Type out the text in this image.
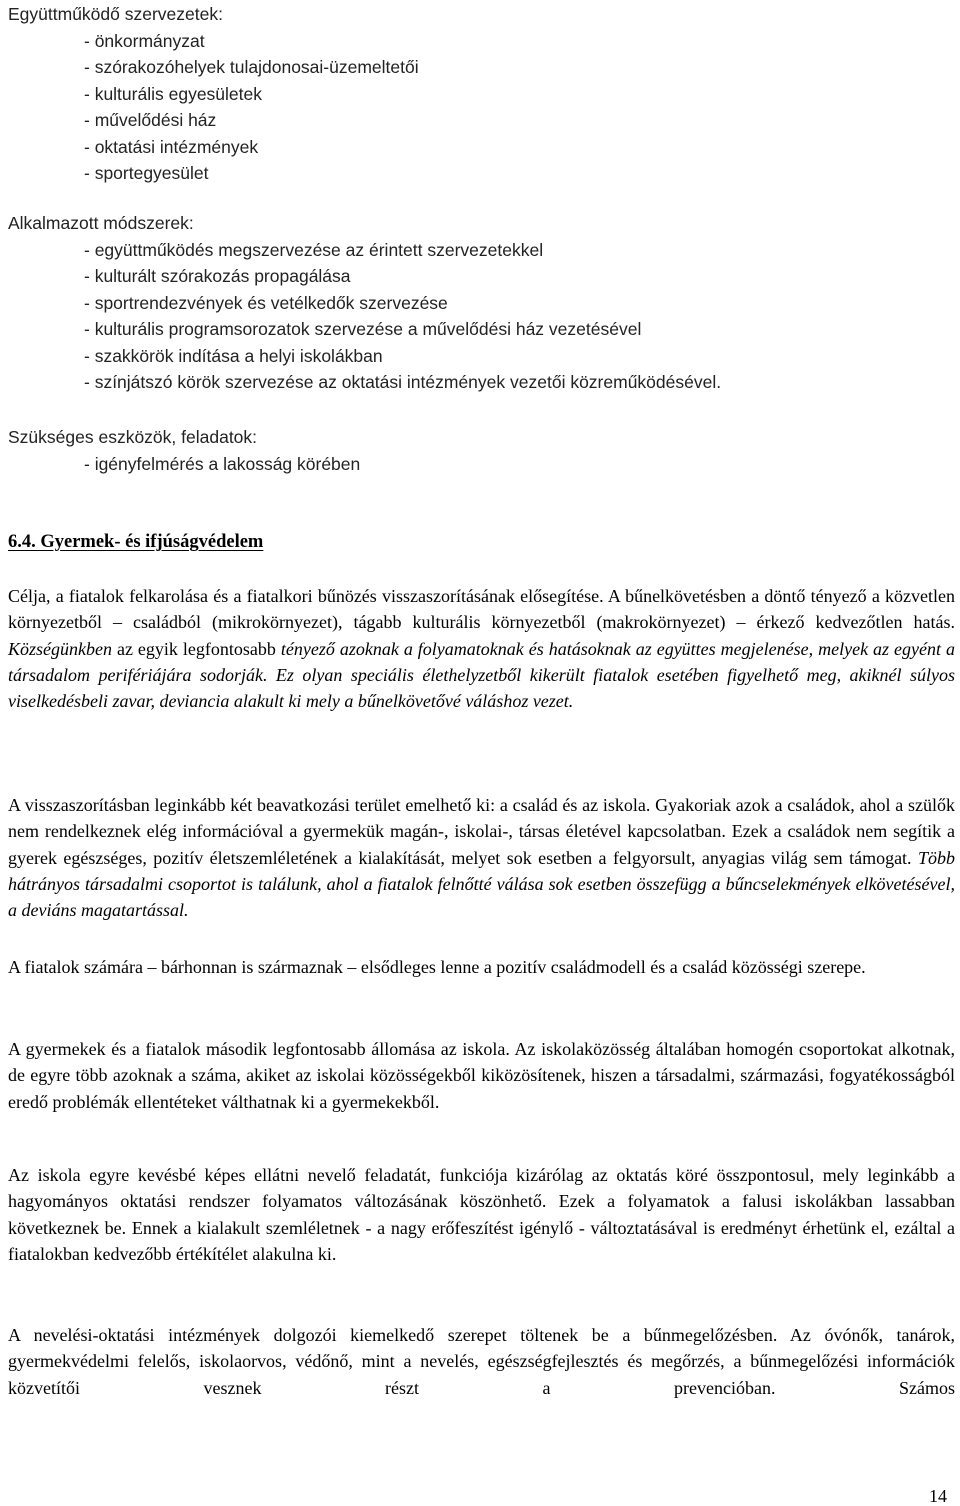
Együttműködő szervezetek:
- önkormányzat
- szórakozóhelyek tulajdonosai-üzemeltetői
- kulturális egyesületek
- művelődési ház
- oktatási intézmények
- sportegyesület
Alkalmazott módszerek:
- együttműködés megszervezése az érintett szervezetekkel
- kulturált szórakozás propagálása
- sportrendezvények és vetélkedők szervezése
- kulturális programsorozatok szervezése a művelődési ház vezetésével
- szakkörök indítása a helyi iskolákban
- színjátszó körök szervezése az oktatási intézmények vezetői közreműködésével.
Szükséges eszközök, feladatok:
- igényfelmérés a lakosság körében
6.4. Gyermek- és ifjúságvédelem

Célja, a fiatalok felkarolása és a fiatalkori bűnözés visszaszorításának elősegítése. A bűnelkövetésben a döntő tényező a közvetlen környezetből – családból (mikrokörnyezet), tágabb kulturális környezetből (makrokörnyezet) – érkező kedvezőtlen hatás. Községünkben az egyik legfontosabb tényező azoknak a folyamatoknak és hatásoknak az együttes megjelenése, melyek az egyént a társadalom perifériájára sodorják. Ez olyan speciális élethelyzetből kikerült fiatalok esetében figyelhető meg, akiknél súlyos viselkedésbeli zavar, deviancia alakult ki mely a bűnelkövetővé váláshoz vezet.

A visszaszorításban leginkább két beavatkozási terület emelhető ki: a család és az iskola. Gyakoriak azok a családok, ahol a szülők nem rendelkeznek elég információval a gyermekük magán-, iskolai-, társas életével kapcsolatban. Ezek a családok nem segítik a gyerek egészséges, pozitív életszemléletének a kialakítását, melyet sok esetben a felgyorsult, anyagias világ sem támogat. Több hátrányos társadalmi csoportot is találunk, ahol a fiatalok felnőtté válása sok esetben összefügg a bűncselekmények elkövetésével, a deviáns magatartással.

A fiatalok számára – bárhonnan is származnak – elsődleges lenne a pozitív családmodell és a család közösségi szerepe.

A gyermekek és a fiatalok második legfontosabb állomása az iskola. Az iskolaközösség általában homogén csoportokat alkotnak, de egyre több azoknak a száma, akiket az iskolai közösségekből kiközösítenek, hiszen a társadalmi, származási, fogyatékosságból eredő problémák ellentéteket válthatnak ki a gyermekekből.

Az iskola egyre kevésbé képes ellátni nevelő feladatát, funkciója kizárólag az oktatás köré összpontosul, mely leginkább a hagyományos oktatási rendszer folyamatos változásának köszönhető. Ezek a folyamatok a falusi iskolákban lassabban következnek be. Ennek a kialakult szemléletnek - a nagy erőfeszítést igénylő - változtatásával is eredményt érhetünk el, ezáltal a fiatalokban kedvezőbb értékítélet alakulna ki.

A nevelési-oktatási intézmények dolgozói kiemelkedő szerepet töltenek be a bűnmegelőzésben. Az óvónők, tanárok, gyermekvédelmi felelős, iskolaorvos, védőnő, mint a nevelés, egészségfejlesztés és megőrzés, a bűnmegelőzési információk közvetítői vesznek részt a prevencióban. Számos

14
